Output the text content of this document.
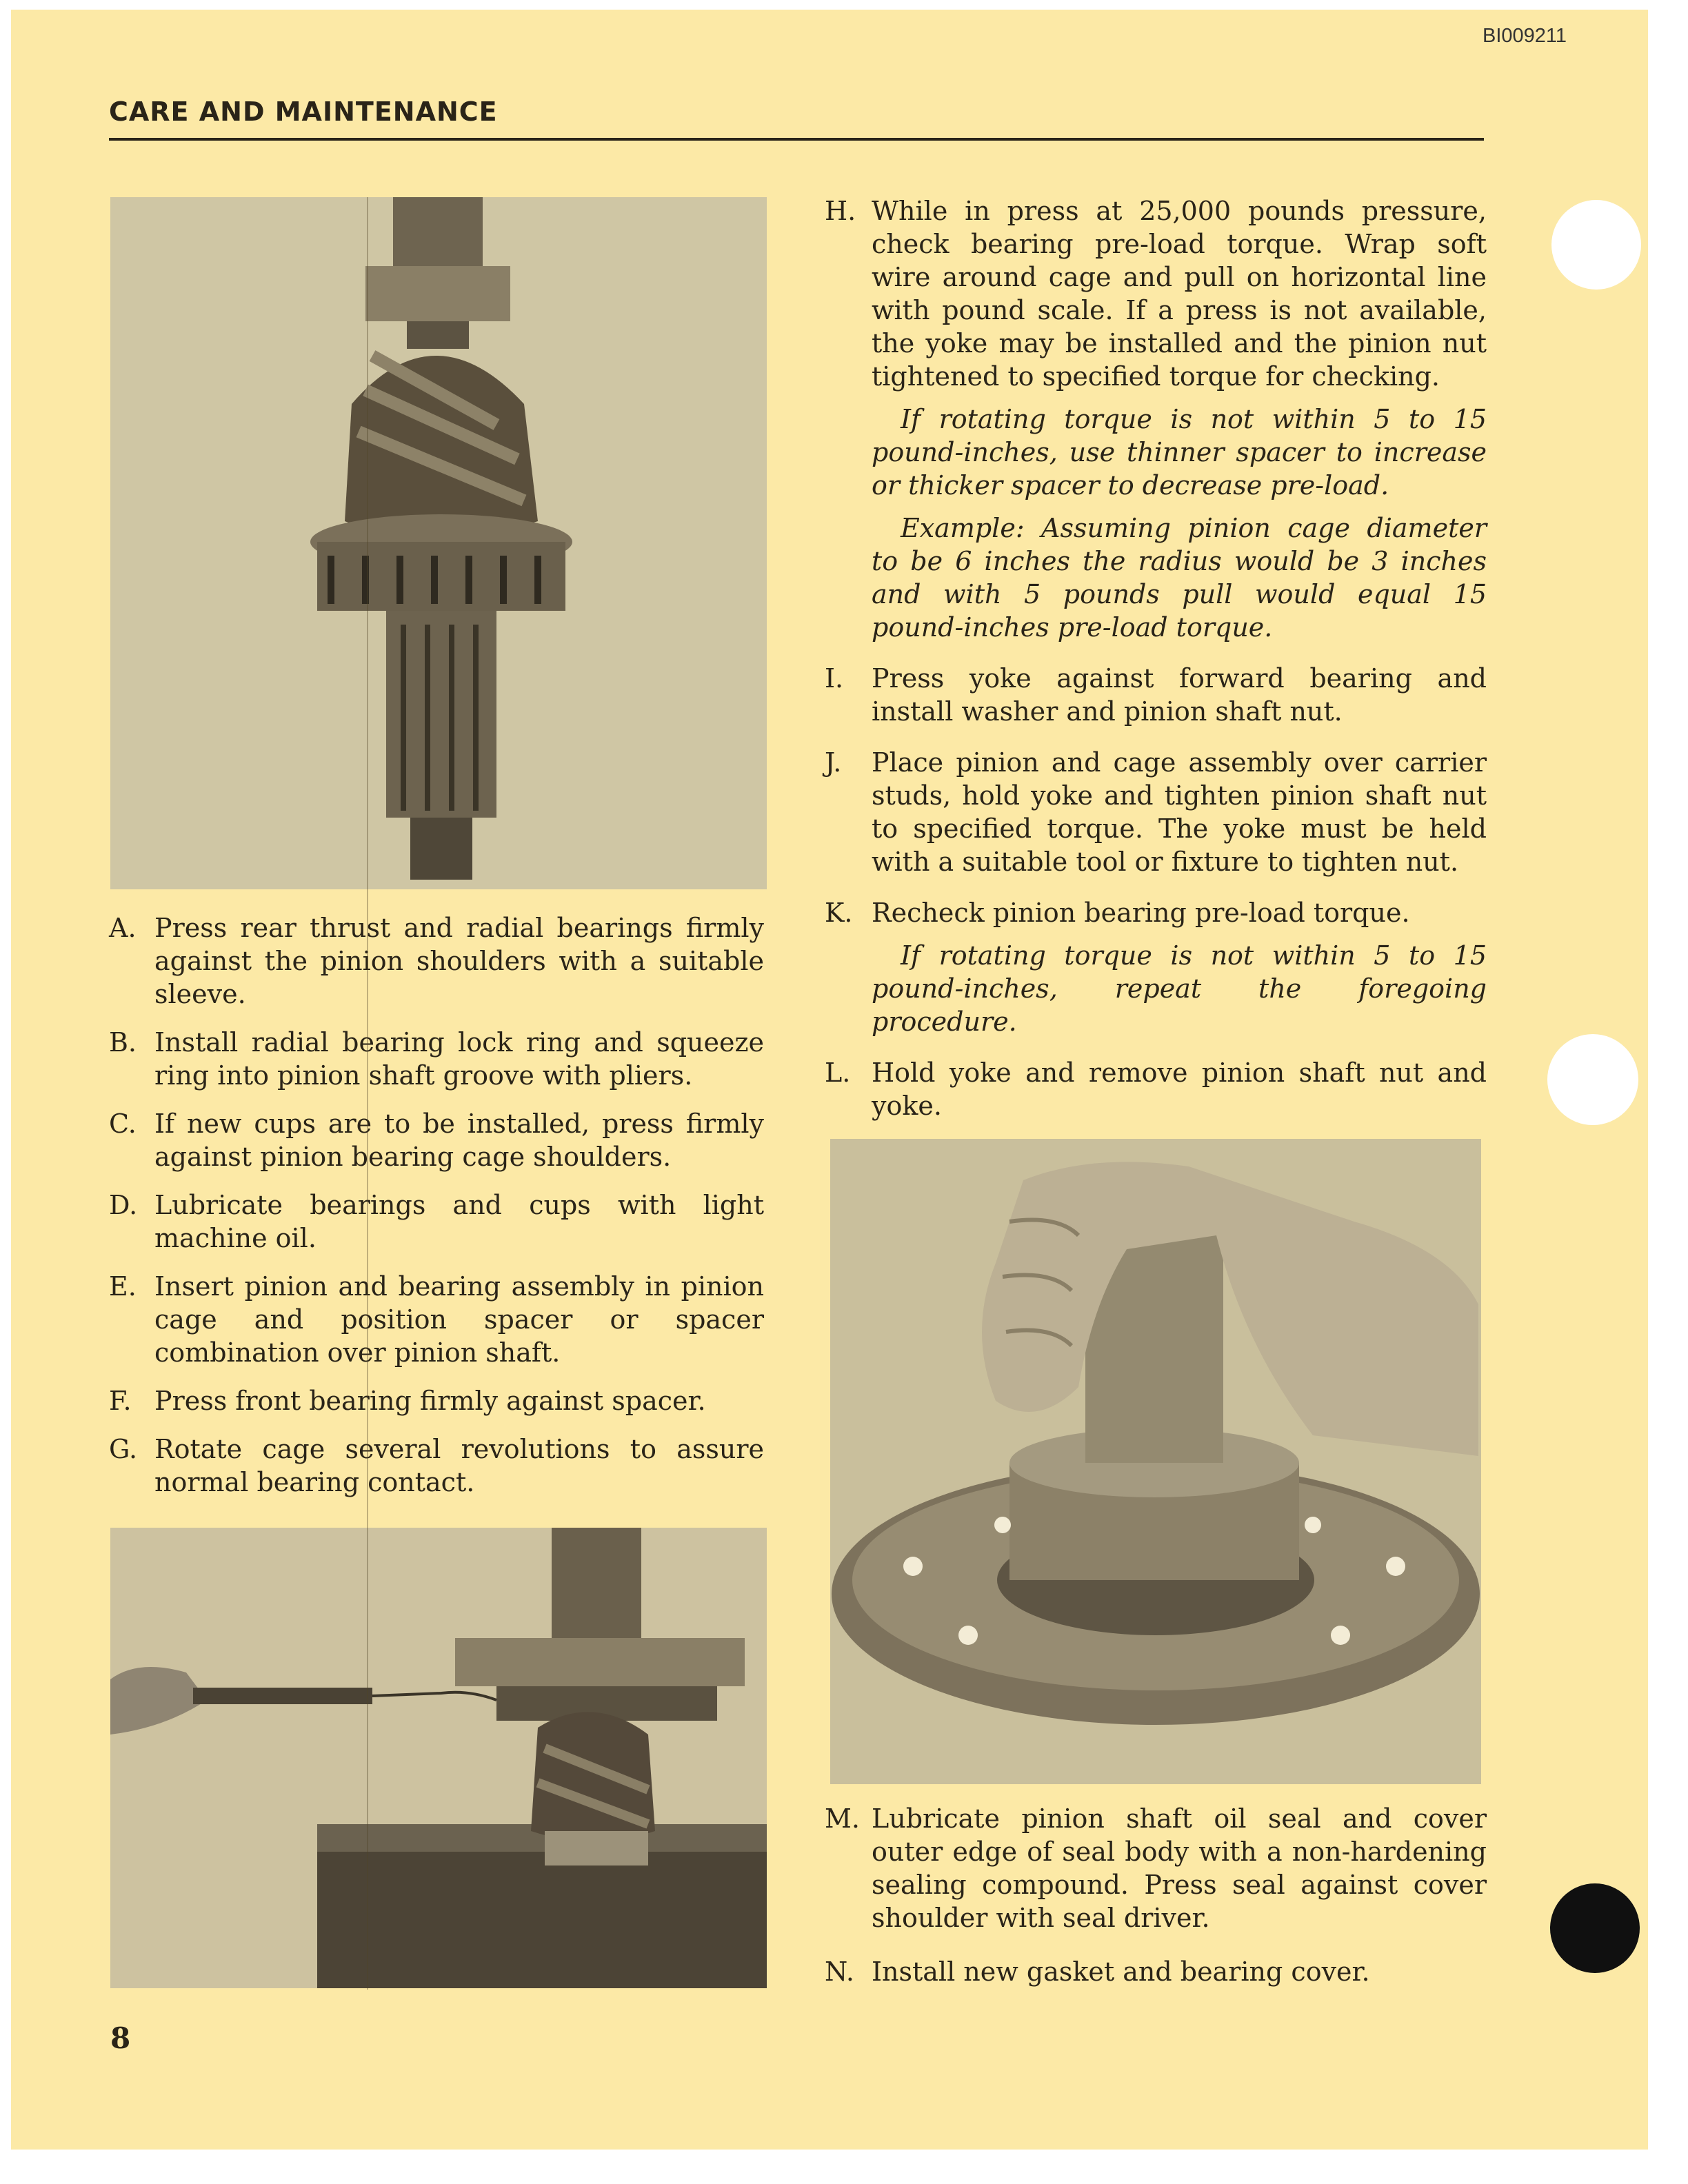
BI009211
CARE AND MAINTENANCE
A. Press rear thrust and radial bearings firmly against the pinion shoulders with a suitable sleeve.
B. Install radial bearing lock ring and squeeze ring into pinion shaft groove with pliers.
C. If new cups are to be installed, press firmly against pinion bearing cage shoulders.
D. Lubricate bearings and cups with light machine oil.
E. Insert pinion and bearing assembly in pinion cage and position spacer or spacer combination over pinion shaft.
F. Press front bearing firmly against spacer.
G. Rotate cage several revolutions to assure normal bearing contact.
H. While in press at 25,000 pounds pressure, check bearing pre-load torque. Wrap soft wire around cage and pull on horizontal line with pound scale. If a press is not available, the yoke may be installed and the pinion nut tightened to specified torque for checking.
If rotating torque is not within 5 to 15 pound-inches, use thinner spacer to increase or thicker spacer to decrease pre-load.
Example: Assuming pinion cage diameter to be 6 inches the radius would be 3 inches and with 5 pounds pull would equal 15 pound-inches pre-load torque.
I. Press yoke against forward bearing and install washer and pinion shaft nut.
J. Place pinion and cage assembly over carrier studs, hold yoke and tighten pinion shaft nut to specified torque. The yoke must be held with a suitable tool or fixture to tighten nut.
K. Recheck pinion bearing pre-load torque.
If rotating torque is not within 5 to 15 pound-inches, repeat the foregoing procedure.
L. Hold yoke and remove pinion shaft nut and yoke.
M. Lubricate pinion shaft oil seal and cover outer edge of seal body with a non-hardening sealing compound. Press seal against cover shoulder with seal driver.
N. Install new gasket and bearing cover.
8
